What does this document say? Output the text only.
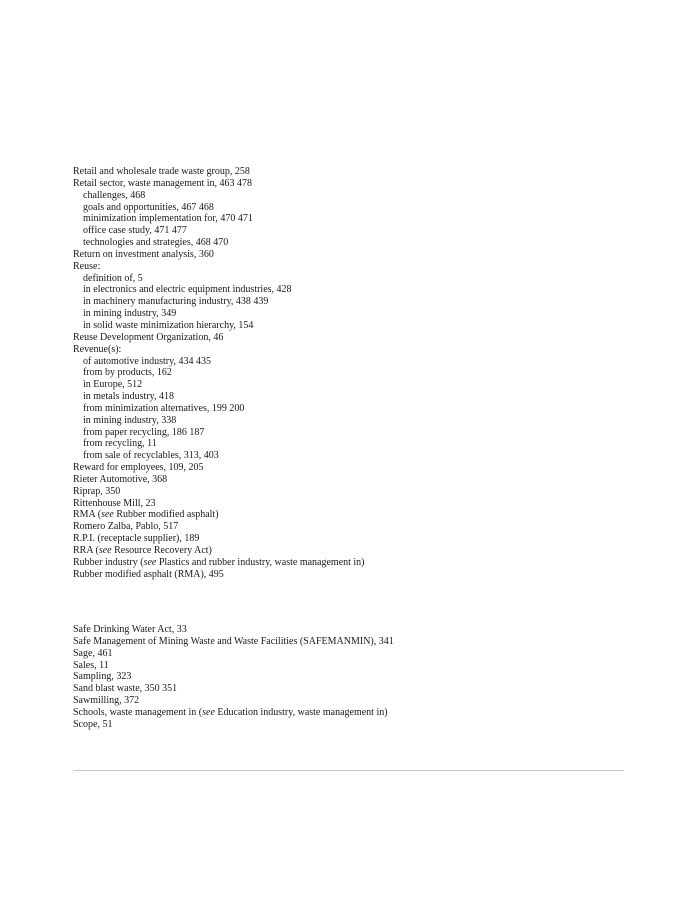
Retail and wholesale trade waste group, 258
Retail sector, waste management in, 463 478
challenges, 468
goals and opportunities, 467 468
minimization implementation for, 470 471
office case study, 471 477
technologies and strategies, 468 470
Return on investment analysis, 360
Reuse:
definition of, 5
in electronics and electric equipment industries, 428
in machinery manufacturing industry, 438 439
in mining industry, 349
in solid waste minimization hierarchy, 154
Reuse Development Organization, 46
Revenue(s):
of automotive industry, 434 435
from by products, 162
in Europe, 512
in metals industry, 418
from minimization alternatives, 199 200
in mining industry, 338
from paper recycling, 186 187
from recycling, 11
from sale of recyclables, 313, 403
Reward for employees, 109, 205
Rieter Automotive, 368
Riprap, 350
Rittenhouse Mill, 23
RMA (see Rubber modified asphalt)
Romero Zalba, Pablo, 517
R.P.I. (receptacle supplier), 189
RRA (see Resource Recovery Act)
Rubber industry (see Plastics and rubber industry, waste management in)
Rubber modified asphalt (RMA), 495
Safe Drinking Water Act, 33
Safe Management of Mining Waste and Waste Facilities (SAFEMANMIN), 341
Sage, 461
Sales, 11
Sampling, 323
Sand blast waste, 350 351
Sawmilling, 372
Schools, waste management in (see Education industry, waste management in)
Scope, 51
